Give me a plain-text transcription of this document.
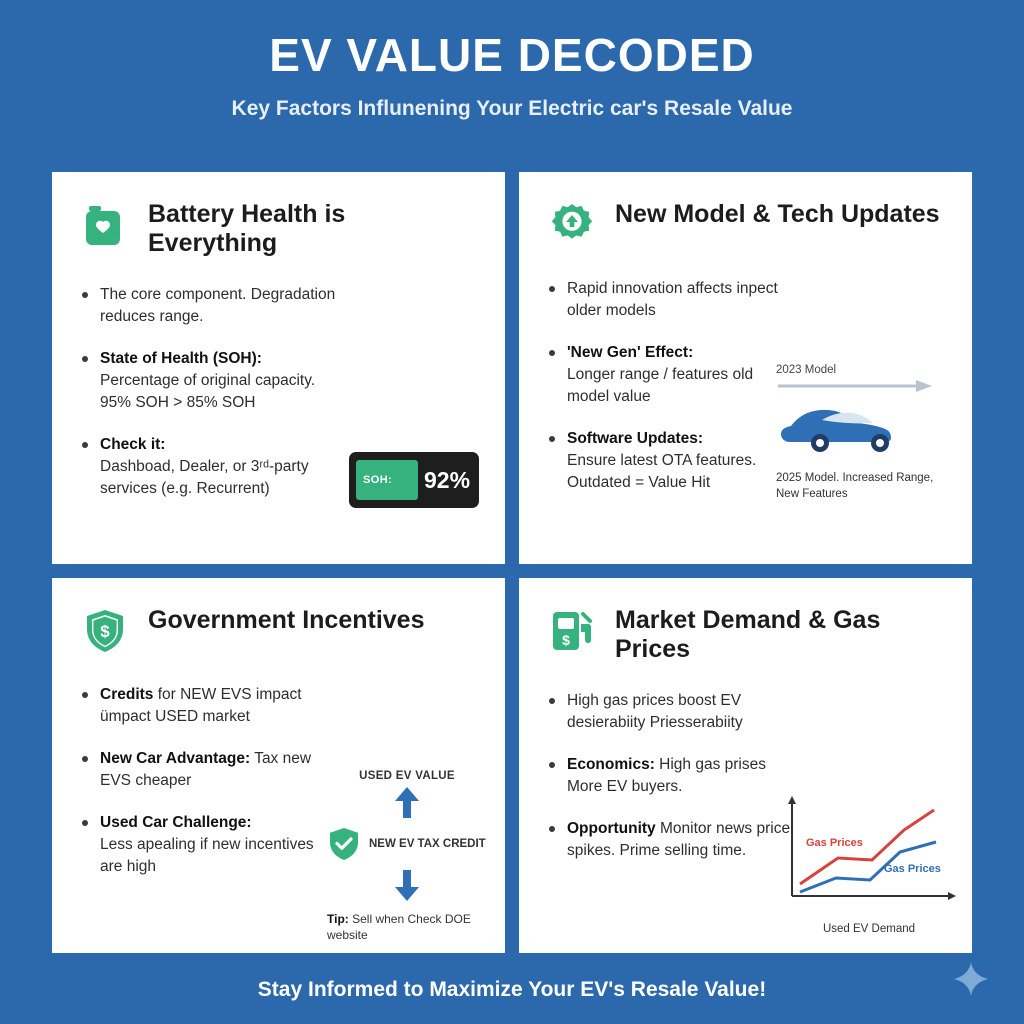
EV VALUE DECODED
Key Factors Influnening Your Electric car's Resale Value
Battery Health is Everything
The core component. Degradation reduces range.
State of Health (SOH):
Percentage of original capacity. 95% SOH > 85% SOH
Check it:
Dashboad, Dealer, or 3ʳᵈ-party services (e.g. Recurrent)	SOH: 92%
New Model & Tech Updates
Rapid innovation affects inpect older models
'New Gen' Effect:
Longer range / features old model value
Software Updates:
Ensure latest OTA features. Outdated = Value Hit
2023 Model

2025 Model. Increased Range, New Features
$ Government Incentives
Credits for NEW EVS impact ümpact USED market
New Car Advantage: Tax new EVS cheaper
Used Car Challenge:
Less apealing if new incentives are high
USED EV VALUE
NEW EV TAX CREDIT
Tip: Sell when Check DOE website
$
Market Demand & Gas Prices
High gas prices boost EV desierabiity Priesserabiity
Economics: High gas prises More EV buyers.
Opportunity Monitor news price spikes. Prime selling time.	Gas Prices
Gas Prices
Used EV Demand
Stay Informed to Maximize Your EV's Resale Value!
